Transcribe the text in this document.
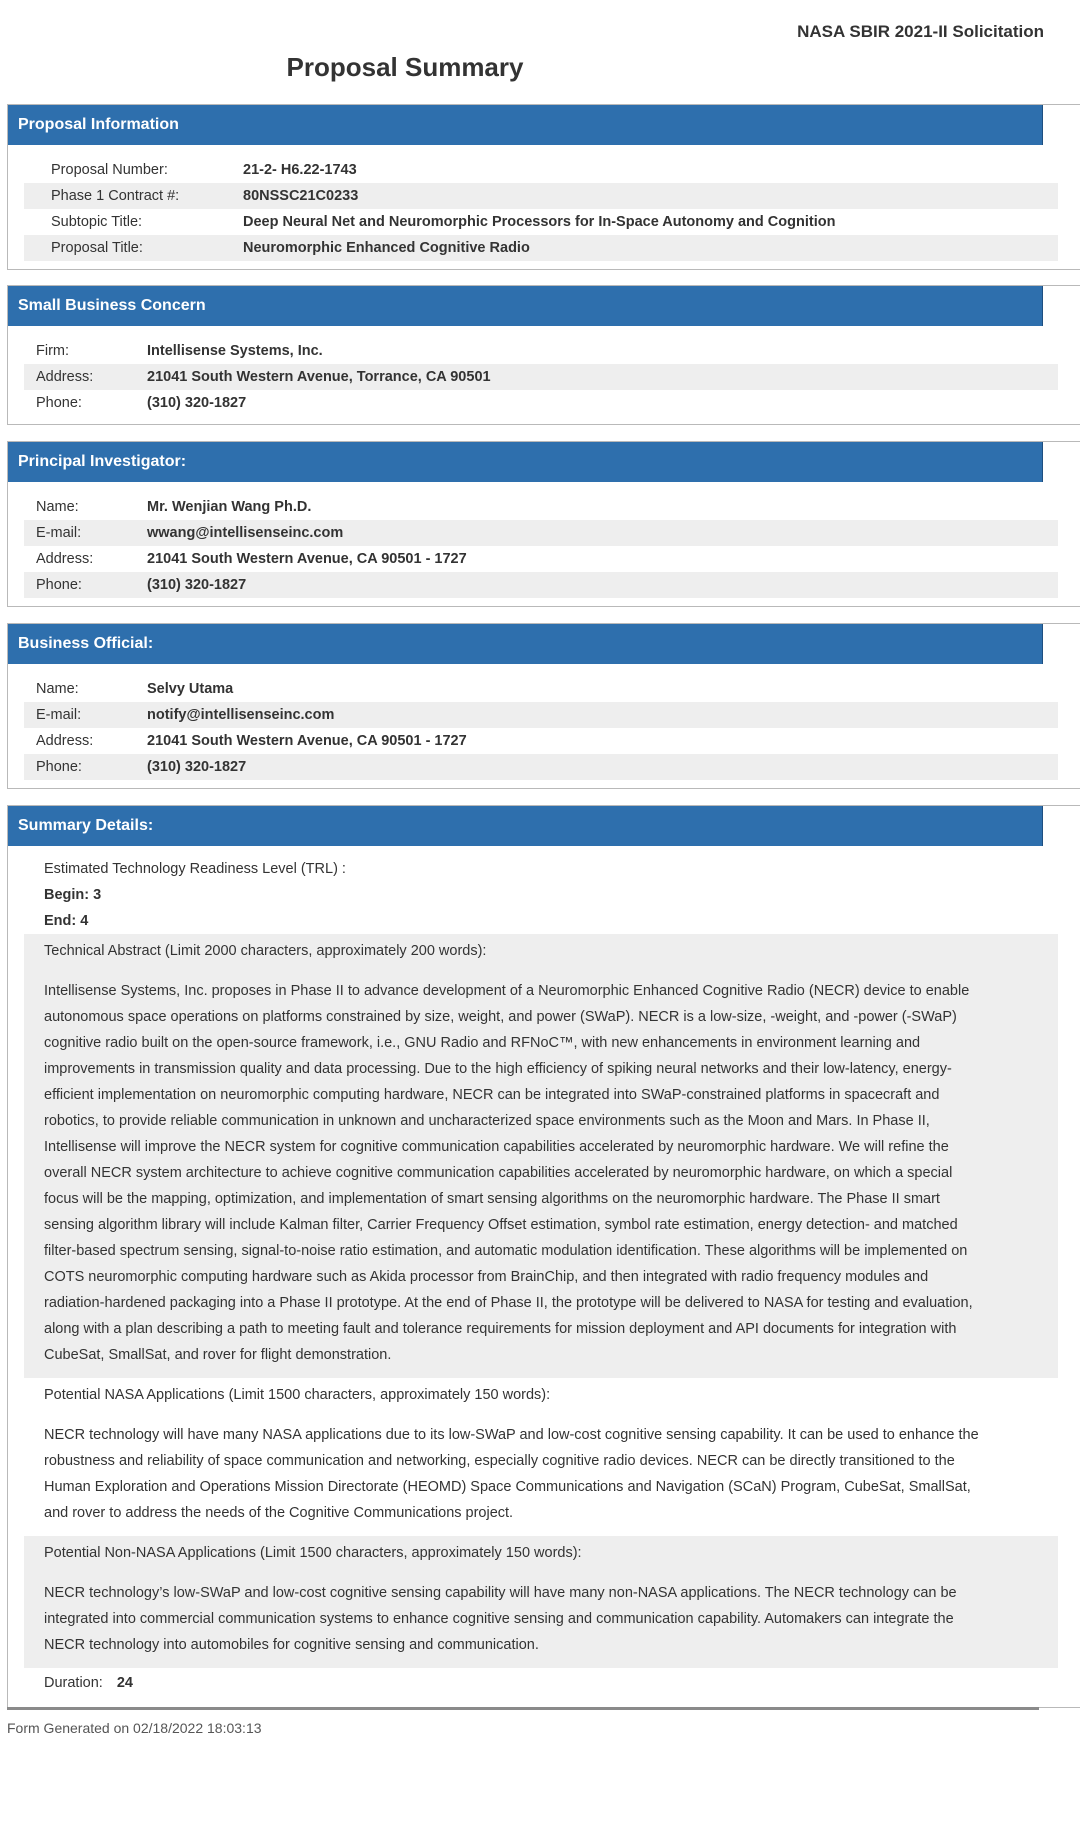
NASA SBIR 2021-II Solicitation
Proposal Summary
Proposal Information
Proposal Number:	21-2- H6.22-1743
Phase 1 Contract #:	80NSSC21C0233
Subtopic Title:	Deep Neural Net and Neuromorphic Processors for In-Space Autonomy and Cognition
Proposal Title:	Neuromorphic Enhanced Cognitive Radio
Small Business Concern
Firm:	Intellisense Systems, Inc.
Address:	21041 South Western Avenue, Torrance, CA 90501
Phone:	(310) 320-1827
Principal Investigator:
Name:	Mr. Wenjian Wang Ph.D.
E-mail:	wwang@intellisenseinc.com
Address:	21041 South Western Avenue, CA 90501 - 1727
Phone:	(310) 320-1827
Business Official:
Name:	Selvy Utama
E-mail:	notify@intellisenseinc.com
Address:	21041 South Western Avenue, CA 90501 - 1727
Phone:	(310) 320-1827
Summary Details:
Estimated Technology Readiness Level (TRL) :
Begin: 3
End: 4

Technical Abstract (Limit 2000 characters, approximately 200 words):

Intellisense Systems, Inc. proposes in Phase II to advance development of a Neuromorphic Enhanced Cognitive Radio (NECR) device to enable autonomous space operations on platforms constrained by size, weight, and power (SWaP). NECR is a low-size, -weight, and -power (-SWaP) cognitive radio built on the open-source framework, i.e., GNU Radio and RFNoC™, with new enhancements in environment learning and improvements in transmission quality and data processing. Due to the high efficiency of spiking neural networks and their low-latency, energy-efficient implementation on neuromorphic computing hardware, NECR can be integrated into SWaP-constrained platforms in spacecraft and robotics, to provide reliable communication in unknown and uncharacterized space environments such as the Moon and Mars. In Phase II, Intellisense will improve the NECR system for cognitive communication capabilities accelerated by neuromorphic hardware. We will refine the overall NECR system architecture to achieve cognitive communication capabilities accelerated by neuromorphic hardware, on which a special focus will be the mapping, optimization, and implementation of smart sensing algorithms on the neuromorphic hardware. The Phase II smart sensing algorithm library will include Kalman filter, Carrier Frequency Offset estimation, symbol rate estimation, energy detection- and matched filter-based spectrum sensing, signal-to-noise ratio estimation, and automatic modulation identification. These algorithms will be implemented on COTS neuromorphic computing hardware such as Akida processor from BrainChip, and then integrated with radio frequency modules and radiation-hardened packaging into a Phase II prototype. At the end of Phase II, the prototype will be delivered to NASA for testing and evaluation, along with a plan describing a path to meeting fault and tolerance requirements for mission deployment and API documents for integration with CubeSat, SmallSat, and rover for flight demonstration.

Potential NASA Applications (Limit 1500 characters, approximately 150 words):

NECR technology will have many NASA applications due to its low-SWaP and low-cost cognitive sensing capability. It can be used to enhance the robustness and reliability of space communication and networking, especially cognitive radio devices. NECR can be directly transitioned to the Human Exploration and Operations Mission Directorate (HEOMD) Space Communications and Navigation (SCaN) Program, CubeSat, SmallSat, and rover to address the needs of the Cognitive Communications project.

Potential Non-NASA Applications (Limit 1500 characters, approximately 150 words):

NECR technology’s low-SWaP and low-cost cognitive sensing capability will have many non-NASA applications. The NECR technology can be integrated into commercial communication systems to enhance cognitive sensing and communication capability. Automakers can integrate the NECR technology into automobiles for cognitive sensing and communication.

Duration: 24
Form Generated on 02/18/2022 18:03:13
